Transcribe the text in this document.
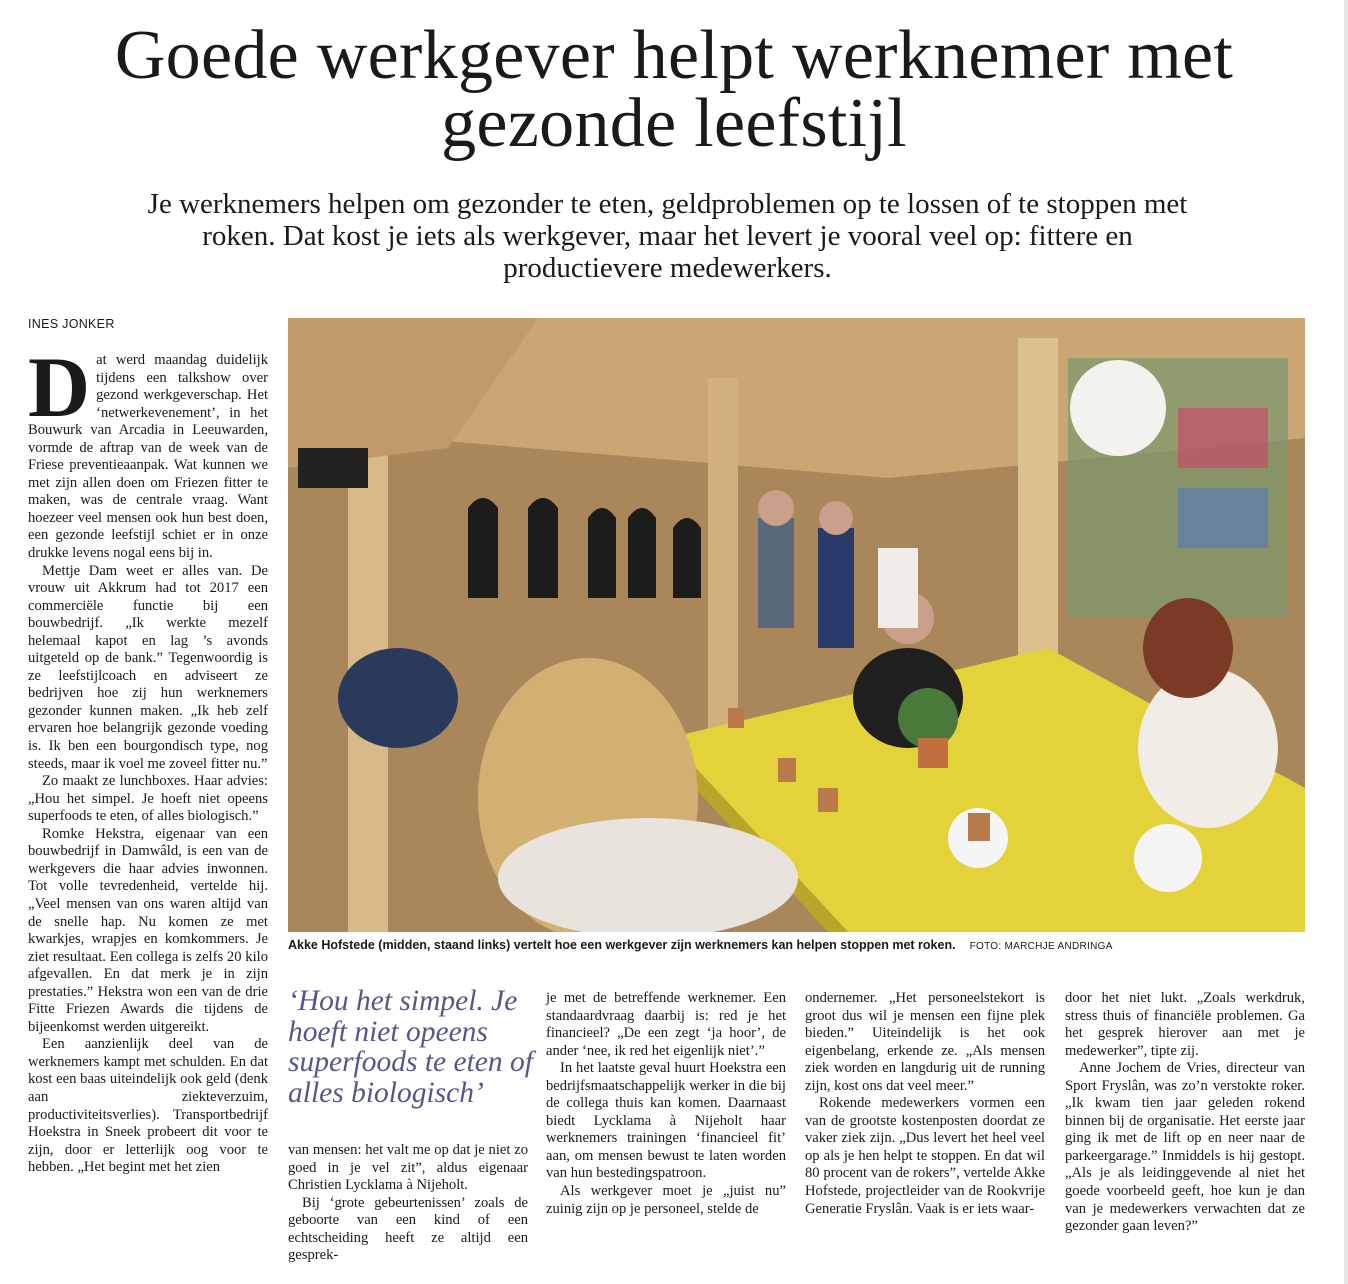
Goede werkgever helpt werknemer met gezonde leefstijl
Je werknemers helpen om gezonder te eten, geldproblemen op te lossen of te stoppen met roken. Dat kost je iets als werkgever, maar het levert je vooral veel op: fittere en productievere medewerkers.
INES JONKER

Dat werd maandag duidelijk tijdens een talkshow over gezond werkgeverschap. Het ‘netwerkevenement’, in het Bouwurk van Arcadia in Leeuwarden, vormde de aftrap van de week van de Friese preventieaanpak. Wat kunnen we met zijn allen doen om Friezen fitter te maken, was de centrale vraag. Want hoezeer veel mensen ook hun best doen, een gezonde leefstijl schiet er in onze drukke levens nogal eens bij in.

Mettje Dam weet er alles van. De vrouw uit Akkrum had tot 2017 een commerciële functie bij een bouwbedrijf. „Ik werkte mezelf helemaal kapot en lag ’s avonds uitgeteld op de bank.” Tegenwoordig is ze leefstijlcoach en adviseert ze bedrijven hoe zij hun werknemers gezonder kunnen maken. „Ik heb zelf ervaren hoe belangrijk gezonde voeding is. Ik ben een bourgondisch type, nog steeds, maar ik voel me zoveel fitter nu.”

Zo maakt ze lunchboxes. Haar advies: „Hou het simpel. Je hoeft niet opeens superfoods te eten, of alles biologisch.”

Romke Hekstra, eigenaar van een bouwbedrijf in Damwâld, is een van de werkgevers die haar advies inwonnen. Tot volle tevredenheid, vertelde hij. „Veel mensen van ons waren altijd van de snelle hap. Nu komen ze met kwarkjes, wrapjes en komkommers. Je ziet resultaat. Een collega is zelfs 20 kilo afgevallen. En dat merk je in zijn prestaties.” Hekstra won een van de drie Fitte Friezen Awards die tijdens de bijeenkomst werden uitgereikt.

Een aanzienlijk deel van de werknemers kampt met schulden. En dat kost een baas uiteindelijk ook geld (denk aan ziekteverzuim, productiviteitsverlies). Transportbedrijf Hoekstra in Sneek probeert dit voor te zijn, door er letterlijk oog voor te hebben. „Het begint met het zien

Akke Hofstede (midden, staand links) vertelt hoe een werkgever zijn werknemers kan helpen stoppen met roken. FOTO: MARCHJE ANDRINGA
‘Hou het simpel. Je hoeft niet opeens superfoods te eten of alles biologisch’

van mensen: het valt me op dat je niet zo goed in je vel zit”, aldus eigenaar Christien Lycklama à Nijeholt.

Bij ‘grote gebeurtenissen’ zoals de geboorte van een kind of een echtscheiding heeft ze altijd een gesprek-

je met de betreffende werknemer. Een standaardvraag daarbij is: red je het financieel? „De een zegt ‘ja hoor’, de ander ‘nee, ik red het eigenlijk niet’.”

In het laatste geval huurt Hoekstra een bedrijfsmaatschappelijk werker in die bij de collega thuis kan komen. Daarnaast biedt Lycklama à Nijeholt haar werknemers trainingen ‘financieel fit’ aan, om mensen bewust te laten worden van hun bestedingspatroon.

Als werkgever moet je „juist nu” zuinig zijn op je personeel, stelde de

ondernemer. „Het personeelstekort is groot dus wil je mensen een fijne plek bieden.” Uiteindelijk is het ook eigenbelang, erkende ze. „Als mensen ziek worden en langdurig uit de running zijn, kost ons dat veel meer.”

Rokende medewerkers vormen een van de grootste kostenposten doordat ze vaker ziek zijn. „Dus levert het heel veel op als je hen helpt te stoppen. En dat wil 80 procent van de rokers”, vertelde Akke Hofstede, projectleider van de Rookvrije Generatie Fryslân. Vaak is er iets waar-

door het niet lukt. „Zoals werkdruk, stress thuis of financiële problemen. Ga het gesprek hierover aan met je medewerker”, tipte zij.

Anne Jochem de Vries, directeur van Sport Fryslân, was zo’n verstokte roker. „Ik kwam tien jaar geleden rokend binnen bij de organisatie. Het eerste jaar ging ik met de lift op en neer naar de parkeergarage.” Inmiddels is hij gestopt. „Als je als leidinggevende al niet het goede voorbeeld geeft, hoe kun je dan van je medewerkers verwachten dat ze gezonder gaan leven?”
